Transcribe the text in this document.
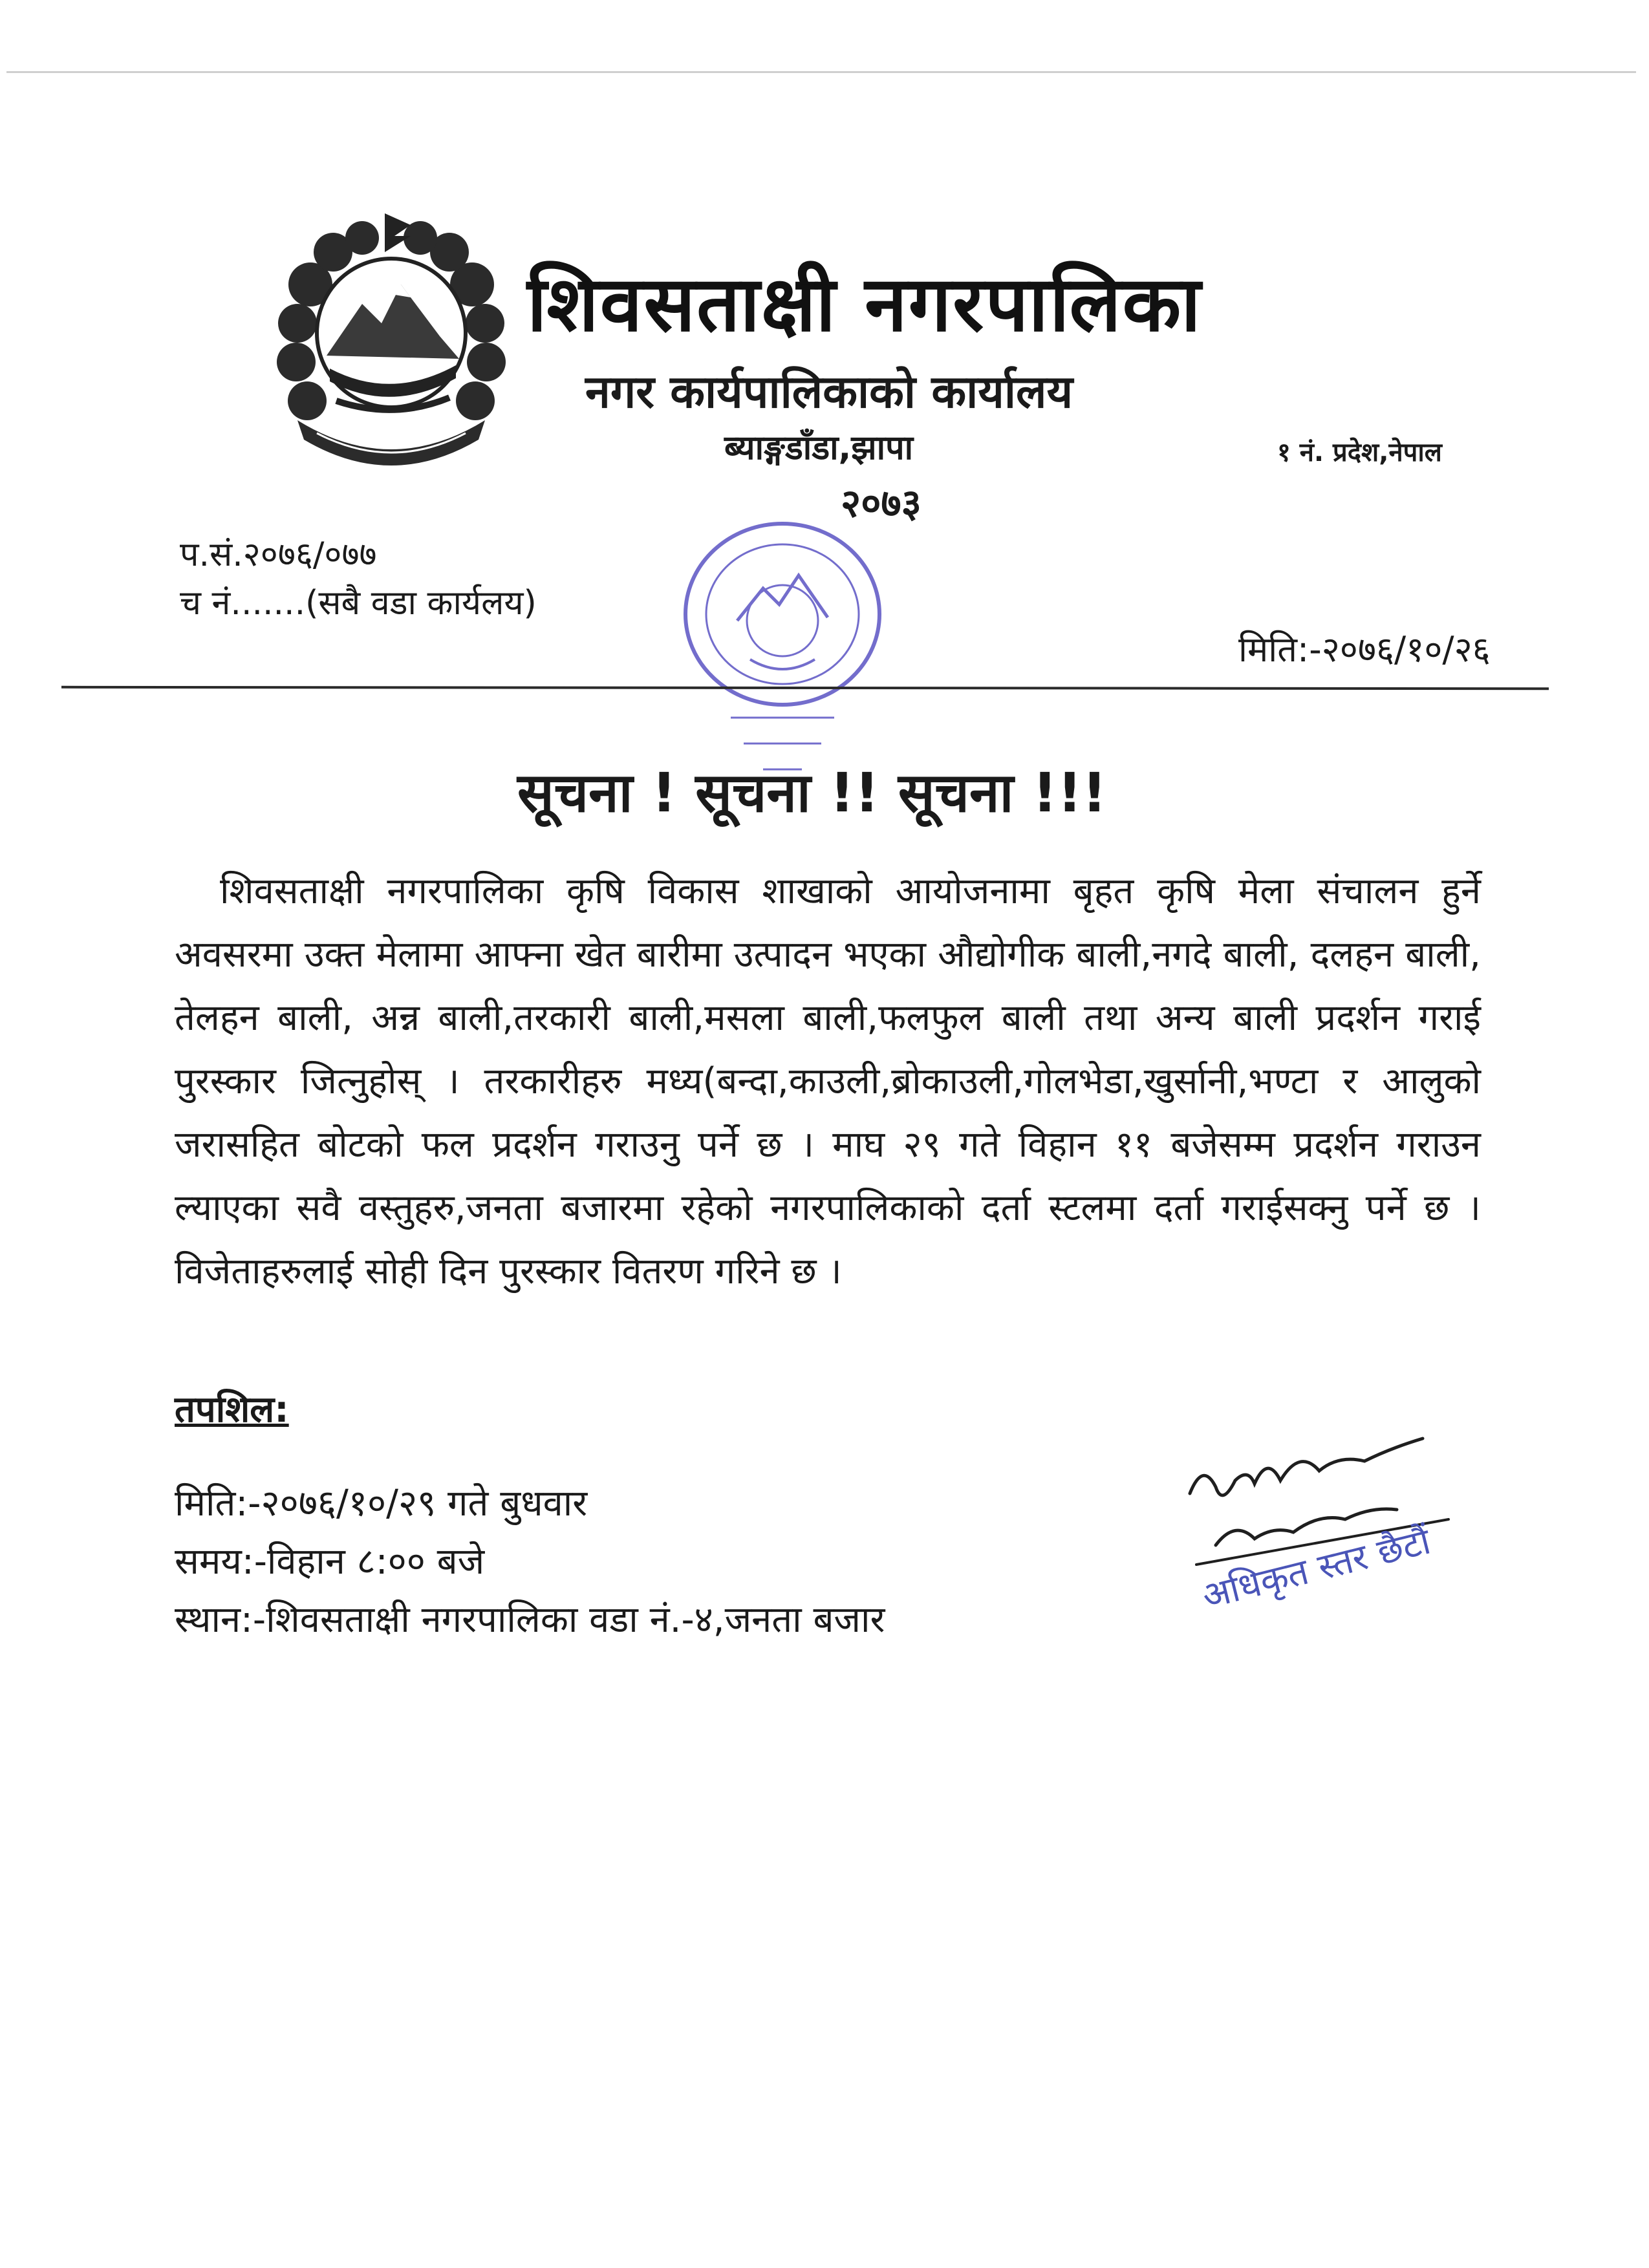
शिवसताक्षी नगरपालिका
नगर कार्यपालिकाको कार्यालय
ब्याङ्गडाँडा,झापा
२०७३
१ नं. प्रदेश,नेपाल
प.सं.२०७६/०७७
च नं.......(सबै वडा कार्यलय)
मिति:-२०७६/१०/२६
सूचना ! सूचना !! सूचना !!!
शिवसताक्षी नगरपालिका कृषि विकास शाखाको आयोजनामा बृहत कृषि मेला संचालन हुर्ने अवसरमा उक्त मेलामा आफ्ना खेत बारीमा उत्पादन भएका औद्योगीक बाली,नगदे बाली, दलहन बाली, तेलहन बाली, अन्न बाली,तरकारी बाली,मसला बाली,फलफुल बाली तथा अन्य बाली प्रदर्शन गराई पुरस्कार जित्नुहोस् । तरकारीहरु मध्य(बन्दा,काउली,ब्रोकाउली,गोलभेडा,खुर्सानी,भण्टा र आलुको जरासहित बोटको फल प्रदर्शन गराउनु पर्ने छ । माघ २९ गते विहान ११ बजेसम्म प्रदर्शन गराउन ल्याएका सवै वस्तुहरु,जनता बजारमा रहेको नगरपालिकाको दर्ता स्टलमा दर्ता गराईसक्नु पर्ने छ । विजेताहरुलाई सोही दिन पुरस्कार वितरण गरिने छ ।
तपशिल:
मिति:-२०७६/१०/२९ गते बुधवार
समय:-विहान ८:०० बजे
स्थान:-शिवसताक्षी नगरपालिका वडा नं.-४,जनता बजार
अधिकृत स्तर छैटौं
